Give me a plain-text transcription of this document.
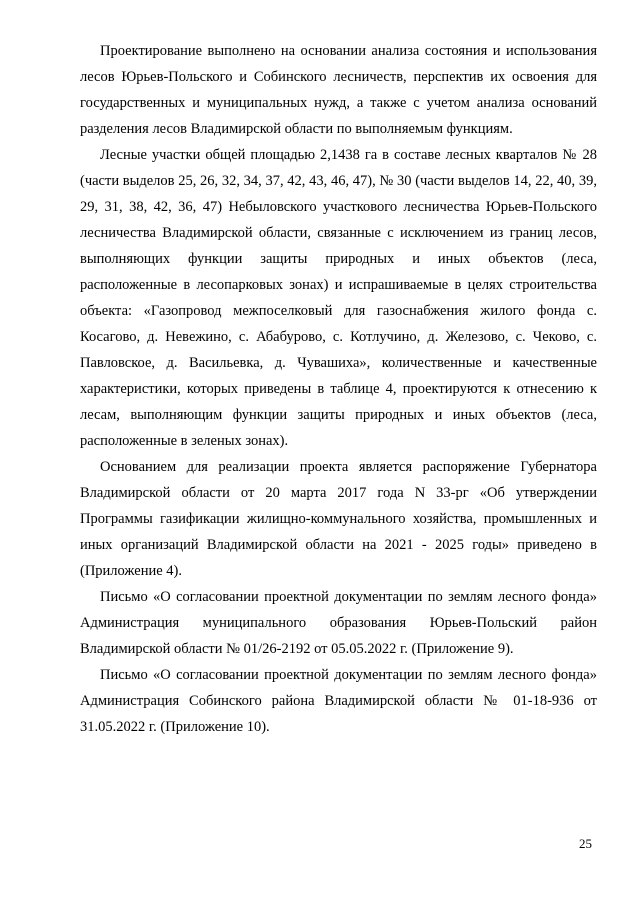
Проектирование выполнено на основании анализа состояния и использования лесов Юрьев-Польского и Собинского лесничеств, перспектив их освоения для государственных и муниципальных нужд, а также с учетом анализа оснований разделения лесов Владимирской области по выполняемым функциям.

Лесные участки общей площадью 2,1438 га в составе лесных кварталов № 28 (части выделов 25, 26, 32, 34, 37, 42, 43, 46, 47), № 30 (части выделов 14, 22, 40, 39, 29, 31, 38, 42, 36, 47) Небыловского участкового лесничества Юрьев-Польского лесничества Владимирской области, связанные с исключением из границ лесов, выполняющих функции защиты природных и иных объектов (леса, расположенные в лесопарковых зонах) и испрашиваемые в целях строительства объекта: «Газопровод межпоселковый для газоснабжения жилого фонда с. Косагово, д. Невежино, с. Абабурово, с. Котлучино, д. Железово, с. Чеково, с. Павловское, д. Васильевка, д. Чувашиха», количественные и качественные характеристики, которых приведены в таблице 4, проектируются к отнесению к лесам, выполняющим функции защиты природных и иных объектов (леса, расположенные в зеленых зонах).

Основанием для реализации проекта является распоряжение Губернатора Владимирской области от 20 марта 2017 года N 33-рг «Об утверждении Программы газификации жилищно-коммунального хозяйства, промышленных и иных организаций Владимирской области на 2021 - 2025 годы» приведено в (Приложение 4).

Письмо «О согласовании проектной документации по землям лесного фонда» Администрация муниципального образования Юрьев-Польский район Владимирской области № 01/26-2192 от 05.05.2022 г. (Приложение 9).

Письмо «О согласовании проектной документации по землям лесного фонда» Администрация Собинского района Владимирской области № 01-18-936 от 31.05.2022 г. (Приложение 10).

25
